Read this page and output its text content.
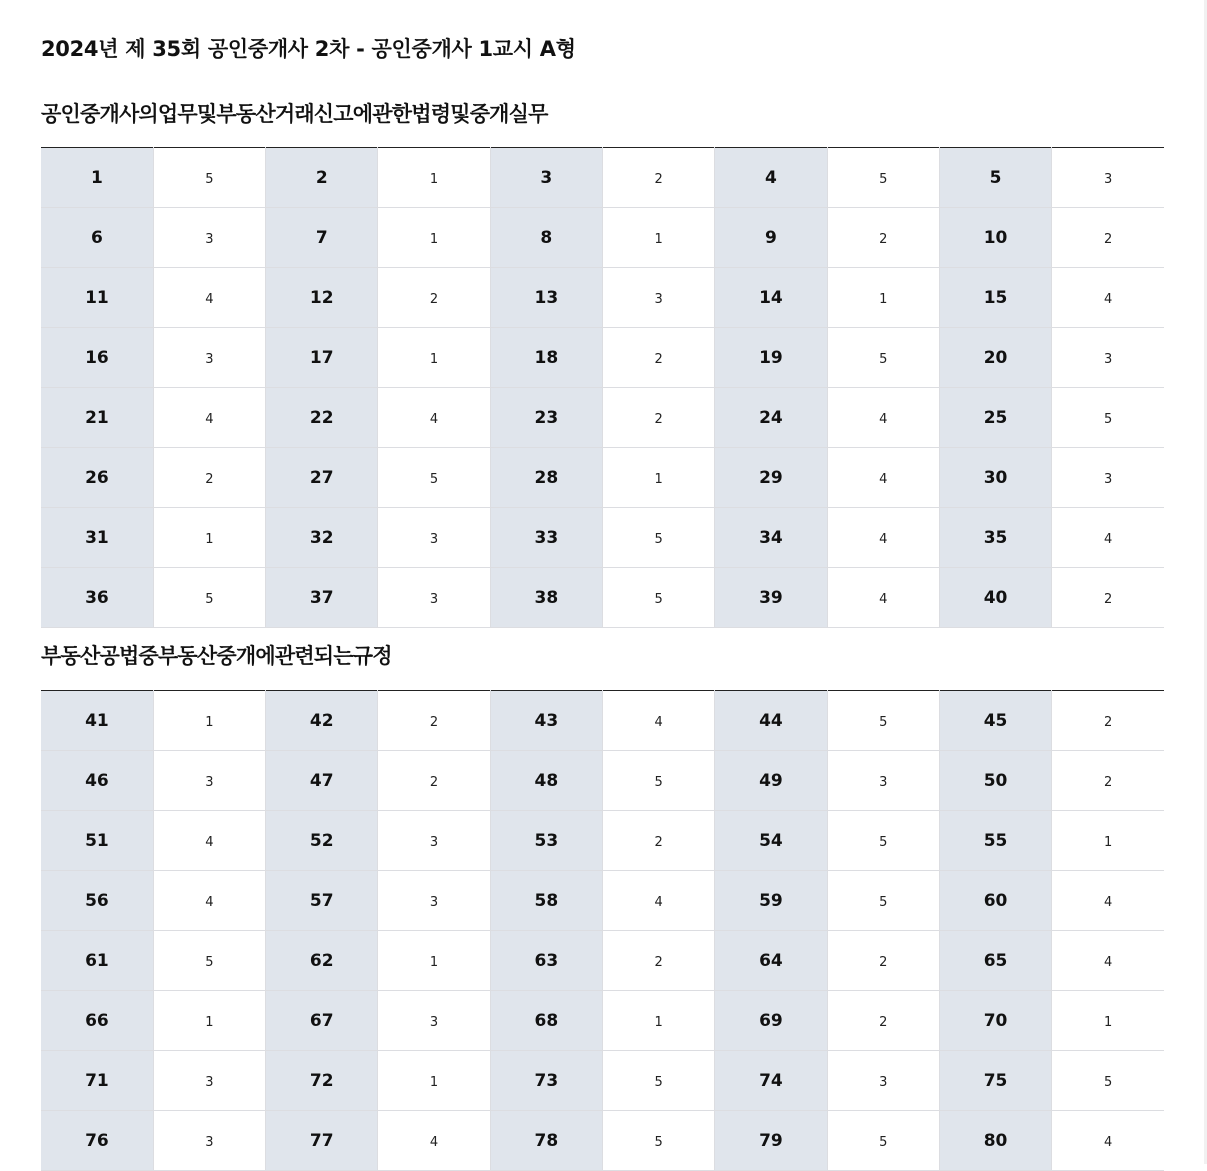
2024년 제 35회 공인중개사 2차 - 공인중개사 1교시 A형
공인중개사의업무및부동산거래신고에관한법령및중개실무
1	5	2	1	3	2	4	5	5	3
6	3	7	1	8	1	9	2	10	2
11	4	12	2	13	3	14	1	15	4
16	3	17	1	18	2	19	5	20	3
21	4	22	4	23	2	24	4	25	5
26	2	27	5	28	1	29	4	30	3
31	1	32	3	33	5	34	4	35	4
36	5	37	3	38	5	39	4	40	2
부동산공법중부동산중개에관련되는규정
41	1	42	2	43	4	44	5	45	2
46	3	47	2	48	5	49	3	50	2
51	4	52	3	53	2	54	5	55	1
56	4	57	3	58	4	59	5	60	4
61	5	62	1	63	2	64	2	65	4
66	1	67	3	68	1	69	2	70	1
71	3	72	1	73	5	74	3	75	5
76	3	77	4	78	5	79	5	80	4
